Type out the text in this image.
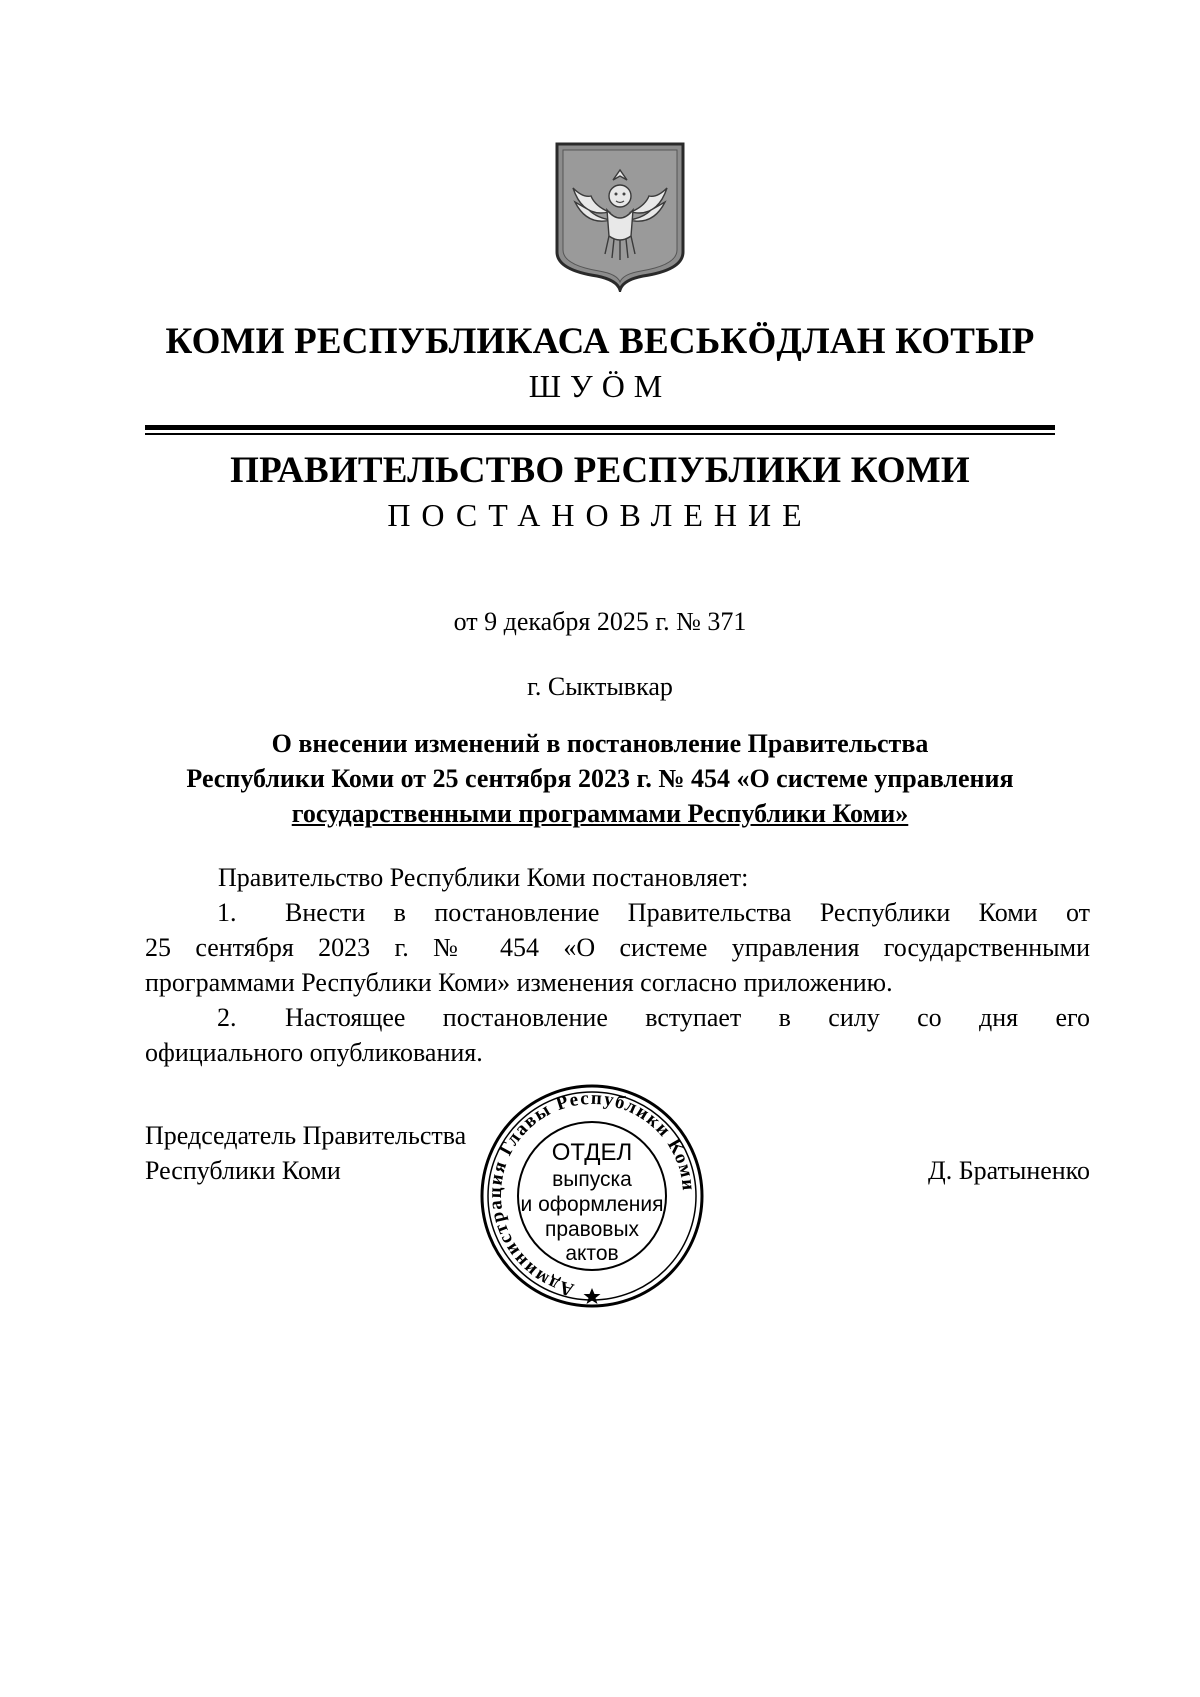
КОМИ РЕСПУБЛИКАСА ВЕСЬКӦДЛАН КОТЫР
ШУӦМ
ПРАВИТЕЛЬСТВО РЕСПУБЛИКИ КОМИ
ПОСТАНОВЛЕНИЕ
от 9 декабря 2025 г. № 371
г. Сыктывкар
О внесении изменений в постановление Правительства
Республики Коми от 25 сентября 2023 г. № 454 «О системе управления
государственными программами Республики Коми»
Правительство Республики Коми постановляет:
1. Внести в постановление Правительства Республики Коми от
25 сентября 2023 г. № 454 «О системе управления государственными
программами Республики Коми» изменения согласно приложению.
2. Настоящее постановление вступает в силу со дня его
официального опубликования.
Председатель Правительства
Республики Коми	Д. Братыненко
Администрация Главы Республики Коми
ОТДЕЛ
выпуска
и оформления
правовых
актов
